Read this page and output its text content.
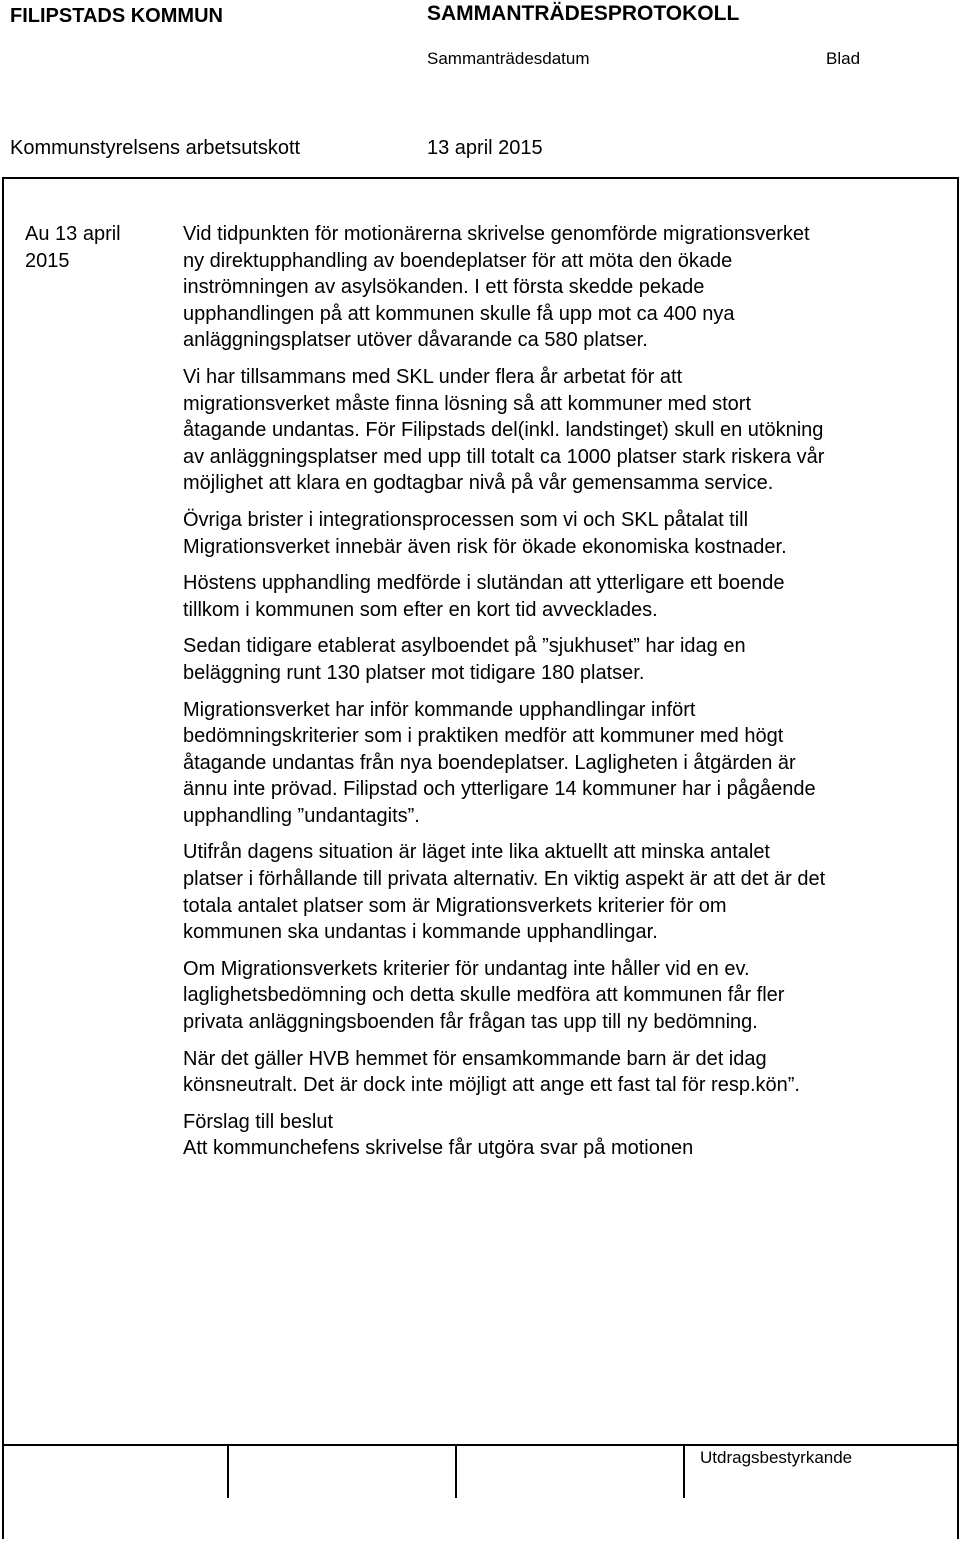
FILIPSTADS KOMMUN	SAMMANTRÄDESPROTOKOLL
Sammanträdesdatum	Blad
Kommunstyrelsens arbetsutskott	13 april 2015
Au 13 april
2015
Vid tidpunkten för motionärerna skrivelse genomförde migrationsverket
ny direktupphandling av boendeplatser för att möta den ökade
inströmningen av asylsökanden. I ett första skedde pekade
upphandlingen på att kommunen skulle få upp mot ca 400 nya
anläggningsplatser utöver dåvarande ca 580 platser.
Vi har tillsammans med SKL under flera år arbetat för att
migrationsverket måste finna lösning så att kommuner med stort
åtagande undantas. För Filipstads del(inkl. landstinget) skull en utökning
av anläggningsplatser med upp till totalt ca 1000 platser stark riskera vår
möjlighet att klara en godtagbar nivå på vår gemensamma service.
Övriga brister i integrationsprocessen som vi och SKL påtalat till
Migrationsverket innebär även risk för ökade ekonomiska kostnader.
Höstens upphandling medförde i slutändan att ytterligare ett boende
tillkom i kommunen som efter en kort tid avvecklades.
Sedan tidigare etablerat asylboendet på ”sjukhuset” har idag en
beläggning runt 130 platser mot tidigare 180 platser.
Migrationsverket har inför kommande upphandlingar infört
bedömningskriterier som i praktiken medför att kommuner med högt
åtagande undantas från nya boendeplatser. Lagligheten i åtgärden är
ännu inte prövad. Filipstad och ytterligare 14 kommuner har i pågående
upphandling ”undantagits”.
Utifrån dagens situation är läget inte lika aktuellt att minska antalet
platser i förhållande till privata alternativ. En viktig aspekt är att det är det
totala antalet platser som är Migrationsverkets kriterier för om
kommunen ska undantas i kommande upphandlingar.
Om Migrationsverkets kriterier för undantag inte håller vid en ev.
laglighetsbedömning och detta skulle medföra att kommunen får fler
privata anläggningsboenden får frågan tas upp till ny bedömning.
När det gäller HVB hemmet för ensamkommande barn är det idag
könsneutralt. Det är dock inte möjligt att ange ett fast tal för resp.kön”.
Förslag till beslut
Att kommunchefens skrivelse får utgöra svar på motionen
Utdragsbestyrkande
